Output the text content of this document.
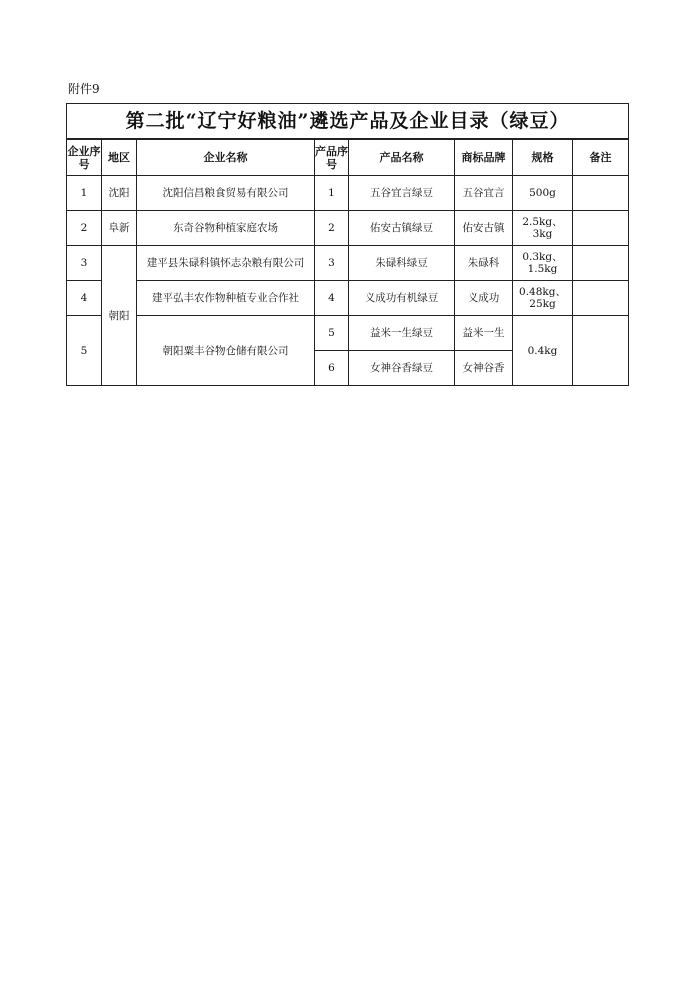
附件9
第二批“辽宁好粮油”遴选产品及企业目录（绿豆）							
企业序号	地区	企业名称	产品序号	产品名称	商标品牌	规格	备注
1	沈阳	沈阳信昌粮食贸易有限公司	1	五谷宜言绿豆	五谷宜言	500g	
2	阜新	东奇谷物种植家庭农场	2	佑安古镇绿豆	佑安古镇	2.5kg、3kg	
3	朝阳	建平县朱碌科镇怀志杂粮有限公司	3	朱碌科绿豆	朱碌科	0.3kg、1.5kg	
4		建平弘丰农作物种植专业合作社	4	义成功有机绿豆	义成功	0.48kg、25kg	
5		朝阳粟丰谷物仓储有限公司	5	益米一生绿豆	益米一生	0.4kg	
			6	女神谷香绿豆	女神谷香		
